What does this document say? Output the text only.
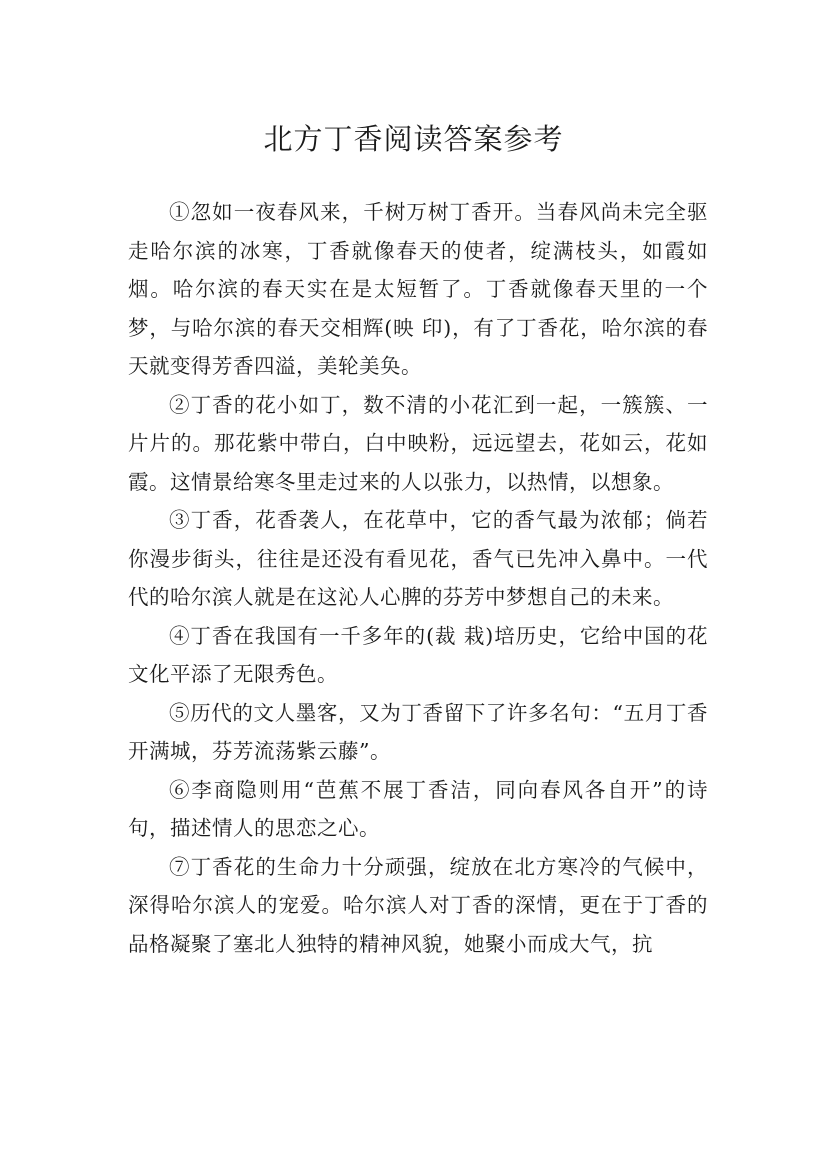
北方丁香阅读答案参考

①忽如一夜春风来，千树万树丁香开。当春风尚未完全驱走哈尔滨的冰寒，丁香就像春天的使者，绽满枝头，如霞如烟。哈尔滨的春天实在是太短暂了。丁香就像春天里的一个梦，与哈尔滨的春天交相辉(映 印)，有了丁香花，哈尔滨的春天就变得芳香四溢，美轮美奂。

②丁香的花小如丁，数不清的小花汇到一起，一簇簇、一片片的。那花紫中带白，白中映粉，远远望去，花如云，花如霞。这情景给寒冬里走过来的人以张力，以热情，以想象。

③丁香，花香袭人，在花草中，它的香气最为浓郁；倘若你漫步街头，往往是还没有看见花，香气已先冲入鼻中。一代代的哈尔滨人就是在这沁人心脾的芬芳中梦想自己的未来。

④丁香在我国有一千多年的(裁 栽)培历史，它给中国的花文化平添了无限秀色。

⑤历代的文人墨客，又为丁香留下了许多名句：“五月丁香开满城，芬芳流荡紫云藤”。

⑥李商隐则用“芭蕉不展丁香洁，同向春风各自开”的诗句，描述情人的思恋之心。

⑦丁香花的生命力十分顽强，绽放在北方寒冷的气候中，深得哈尔滨人的宠爱。哈尔滨人对丁香的深情，更在于丁香的品格凝聚了塞北人独特的精神风貌，她聚小而成大气，抗
